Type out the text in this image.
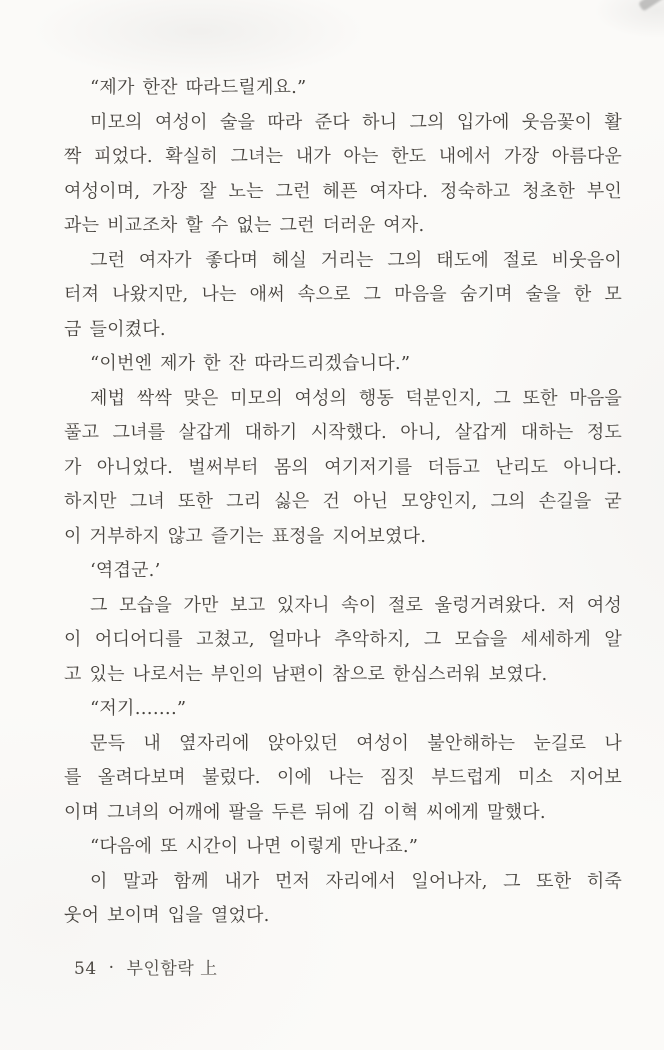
“제가 한잔 따라드릴게요.”
미모의 여성이 술을 따라 준다 하니 그의 입가에 웃음꽃이 활
짝 피었다. 확실히 그녀는 내가 아는 한도 내에서 가장 아름다운
여성이며, 가장 잘 노는 그런 헤픈 여자다. 정숙하고 청초한 부인
과는 비교조차 할 수 없는 그런 더러운 여자.
그런 여자가 좋다며 헤실 거리는 그의 태도에 절로 비웃음이
터져 나왔지만, 나는 애써 속으로 그 마음을 숨기며 술을 한 모
금 들이켰다.
“이번엔 제가 한 잔 따라드리겠습니다.”
제법 싹싹 맞은 미모의 여성의 행동 덕분인지, 그 또한 마음을
풀고 그녀를 살갑게 대하기 시작했다. 아니, 살갑게 대하는 정도
가 아니었다. 벌써부터 몸의 여기저기를 더듬고 난리도 아니다.
하지만 그녀 또한 그리 싫은 건 아닌 모양인지, 그의 손길을 굳
이 거부하지 않고 즐기는 표정을 지어보였다.
‘역겹군.’
그 모습을 가만 보고 있자니 속이 절로 울렁거려왔다. 저 여성
이 어디어디를 고쳤고, 얼마나 추악하지, 그 모습을 세세하게 알
고 있는 나로서는 부인의 남편이 참으로 한심스러워 보였다.
“저기…….”
문득 내 옆자리에 앉아있던 여성이 불안해하는 눈길로 나
를 올려다보며 불렀다. 이에 나는 짐짓 부드럽게 미소 지어보
이며 그녀의 어깨에 팔을 두른 뒤에 김 이혁 씨에게 말했다.
“다음에 또 시간이 나면 이렇게 만나죠.”
이 말과 함께 내가 먼저 자리에서 일어나자, 그 또한 히죽
웃어 보이며 입을 열었다.
54 · 부인함락 上
